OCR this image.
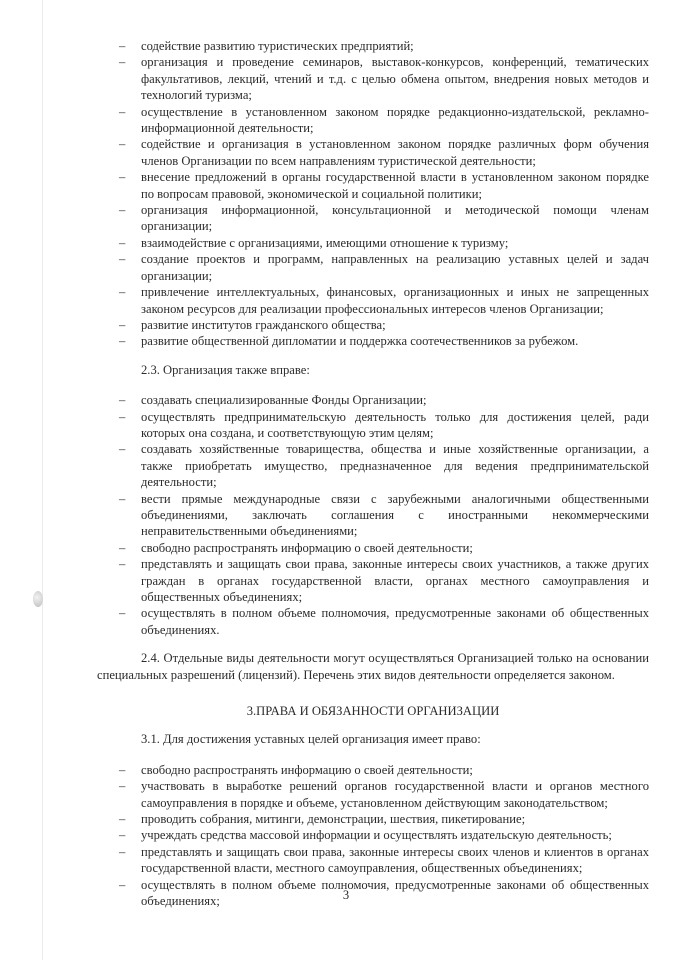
– содействие развитию туристических предприятий;
– организация и проведение семинаров, выставок-конкурсов, конференций, тематических факультативов, лекций, чтений и т.д. с целью обмена опытом, внедрения новых методов и технологий туризма;
– осуществление в установленном законом порядке редакционно-издательской, рекламно-информационной деятельности;
– содействие и организация в установленном законом порядке различных форм обучения членов Организации по всем направлениям туристической деятельности;
– внесение предложений в органы государственной власти в установленном законом порядке по вопросам правовой, экономической и социальной политики;
– организация информационной, консультационной и методической помощи членам организации;
– взаимодействие с организациями, имеющими отношение к туризму;
– создание проектов и программ, направленных на реализацию уставных целей и задач организации;
– привлечение интеллектуальных, финансовых, организационных и иных не запрещенных законом ресурсов для реализации профессиональных интересов членов Организации;
– развитие институтов гражданского общества;
– развитие общественной дипломатии и поддержка соотечественников за рубежом.

2.3. Организация также вправе:

– создавать специализированные Фонды Организации;
– осуществлять предпринимательскую деятельность только для достижения целей, ради которых она создана, и соответствующую этим целям;
– создавать хозяйственные товарищества, общества и иные хозяйственные организации, а также приобретать имущество, предназначенное для ведения предпринимательской деятельности;
– вести прямые международные связи с зарубежными аналогичными общественными объединениями, заключать соглашения с иностранными некоммерческими неправительственными объединениями;
– свободно распространять информацию о своей деятельности;
– представлять и защищать свои права, законные интересы своих участников, а также других граждан в органах государственной власти, органах местного самоуправления и общественных объединениях;
– осуществлять в полном объеме полномочия, предусмотренные законами об общественных объединениях.

2.4. Отдельные виды деятельности могут осуществляться Организацией только на основании специальных разрешений (лицензий). Перечень этих видов деятельности определяется законом.

3.ПРАВА И ОБЯЗАННОСТИ ОРГАНИЗАЦИИ

3.1. Для достижения уставных целей организация имеет право:

– свободно распространять информацию о своей деятельности;
– участвовать в выработке решений органов государственной власти и органов местного самоуправления в порядке и объеме, установленном действующим законодательством;
– проводить собрания, митинги, демонстрации, шествия, пикетирование;
– учреждать средства массовой информации и осуществлять издательскую деятельность;
– представлять и защищать свои права, законные интересы своих членов и клиентов в органах государственной власти, местного самоуправления, общественных объединениях;
– осуществлять в полном объеме полномочия, предусмотренные законами об общественных объединениях;	3
